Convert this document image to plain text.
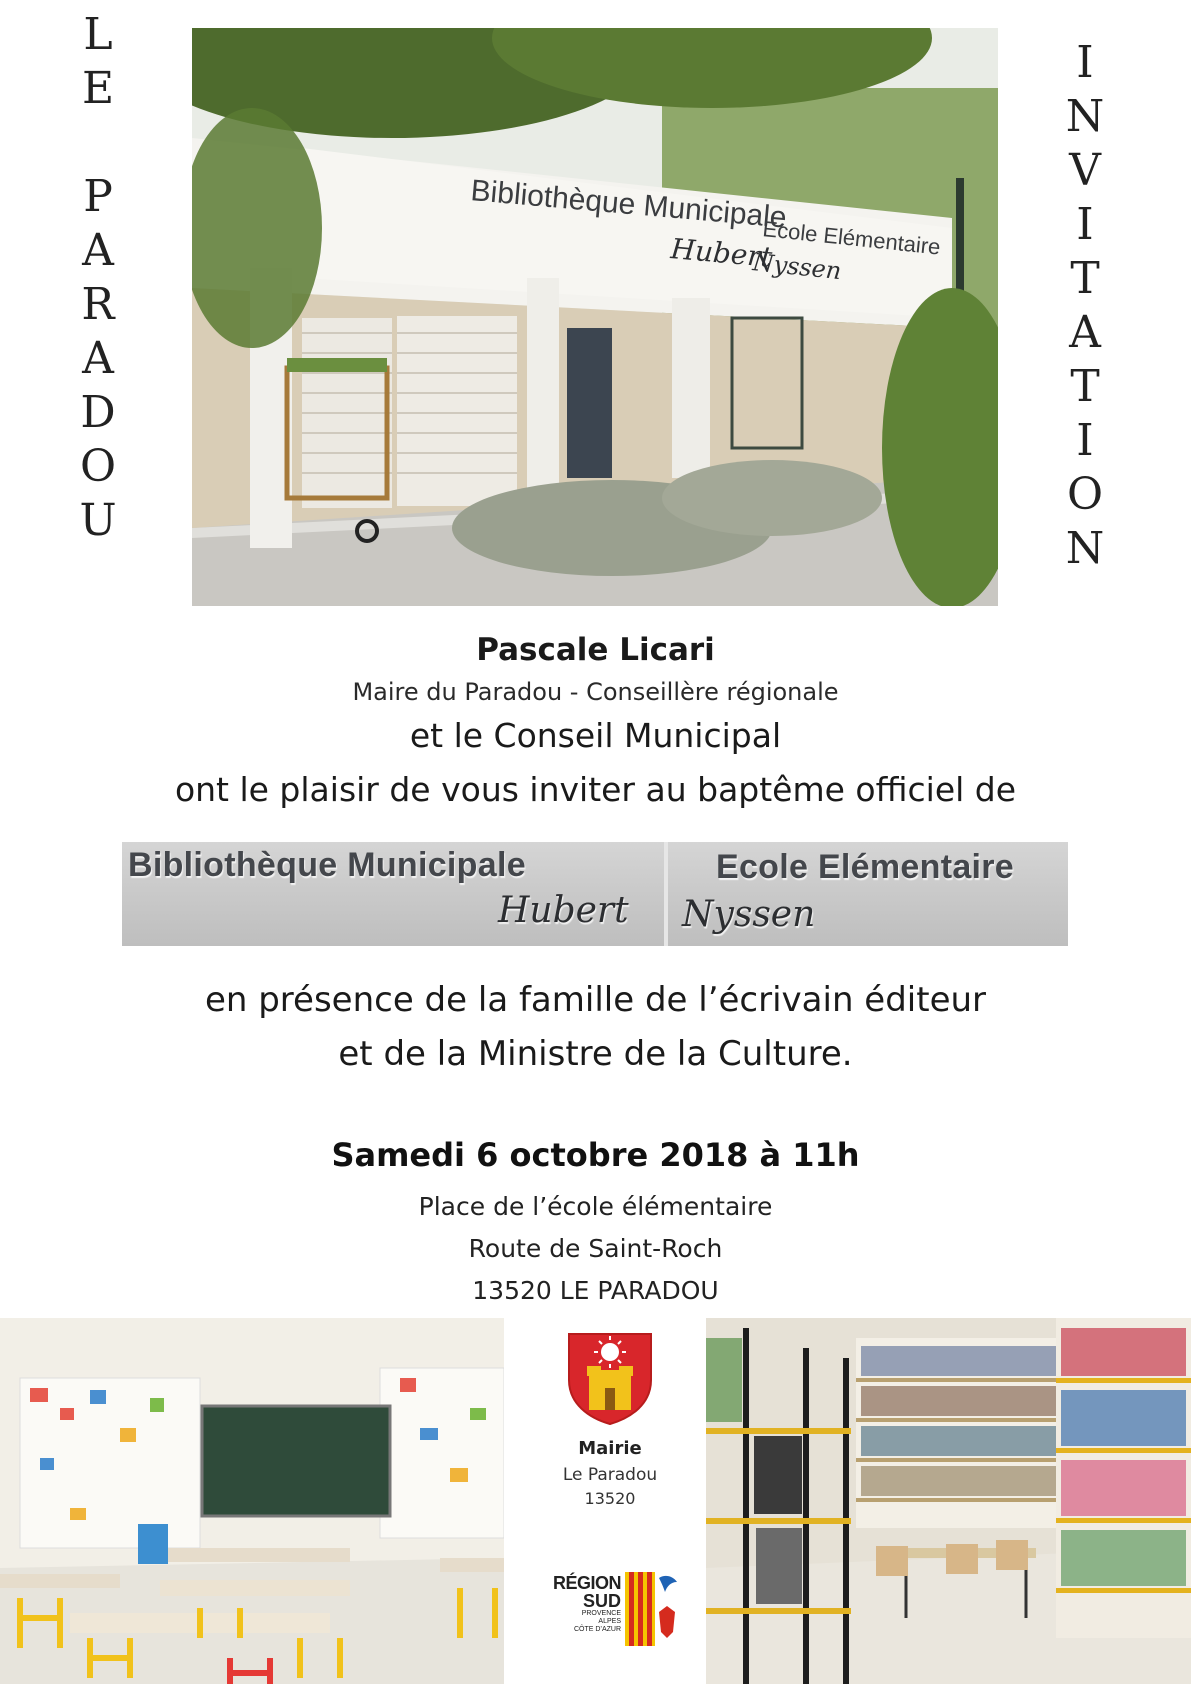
L
E
P
A
R
A
D
O
U
I
N
V
I
T
A
T
I
O
N
Bibliothèque Municipale
Ecole Elémentaire
Hubert
Nyssen
Pascale Licari
Maire du Paradou - Conseillère régionale
et le Conseil Municipal
ont le plaisir de vous inviter au baptême officiel de
Bibliothèque Municipale	Ecole Elémentaire
Hubert Nyssen
en présence de la famille de l’écrivain éditeur
et de la Ministre de la Culture.
Samedi 6 octobre 2018 à 11h
Place de l’école élémentaire
Route de Saint-Roch
13520 LE PARADOU
Mairie
Le Paradou
13520
RÉGION
SUD
PROVENCE
ALPES
CÔTE D’AZUR
